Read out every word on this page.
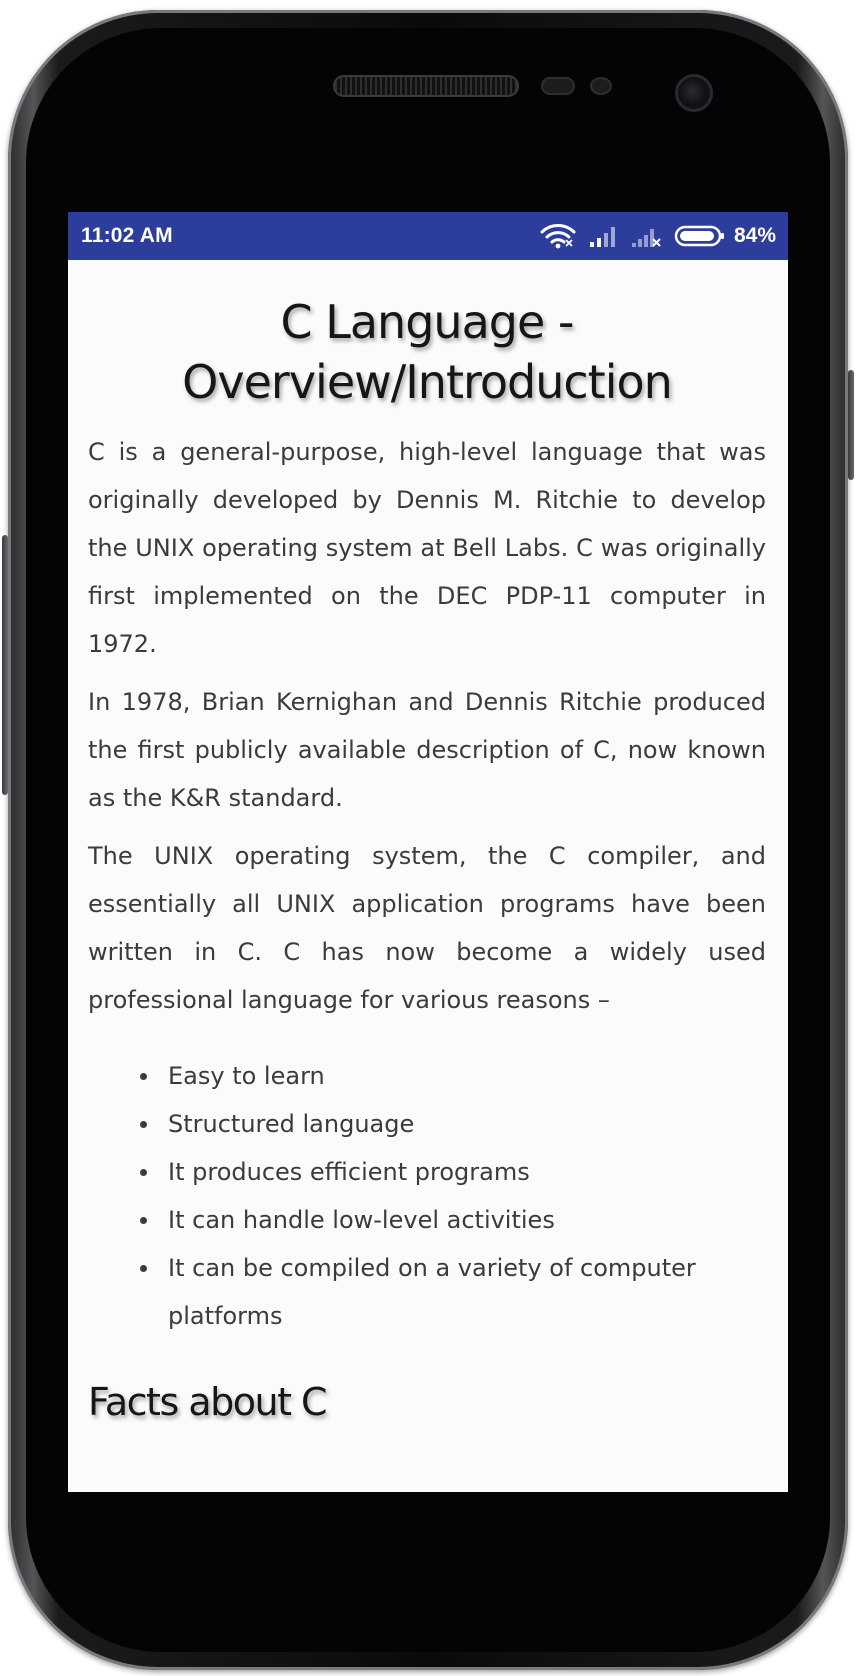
11:02 AM	84%
C Language -
Overview/Introduction

C is a general-purpose, high-level language that was originally developed by Dennis M. Ritchie to develop the UNIX operating system at Bell Labs. C was originally first implemented on the DEC PDP-11 computer in 1972.

In 1978, Brian Kernighan and Dennis Ritchie produced the first publicly available description of C, now known as the K&R standard.

The UNIX operating system, the C compiler, and essentially all UNIX application programs have been written in C. C has now become a widely used professional language for various reasons –

Easy to learn
Structured language
It produces efficient programs
It can handle low-level activities
It can be compiled on a variety of computer platforms
Facts about C
